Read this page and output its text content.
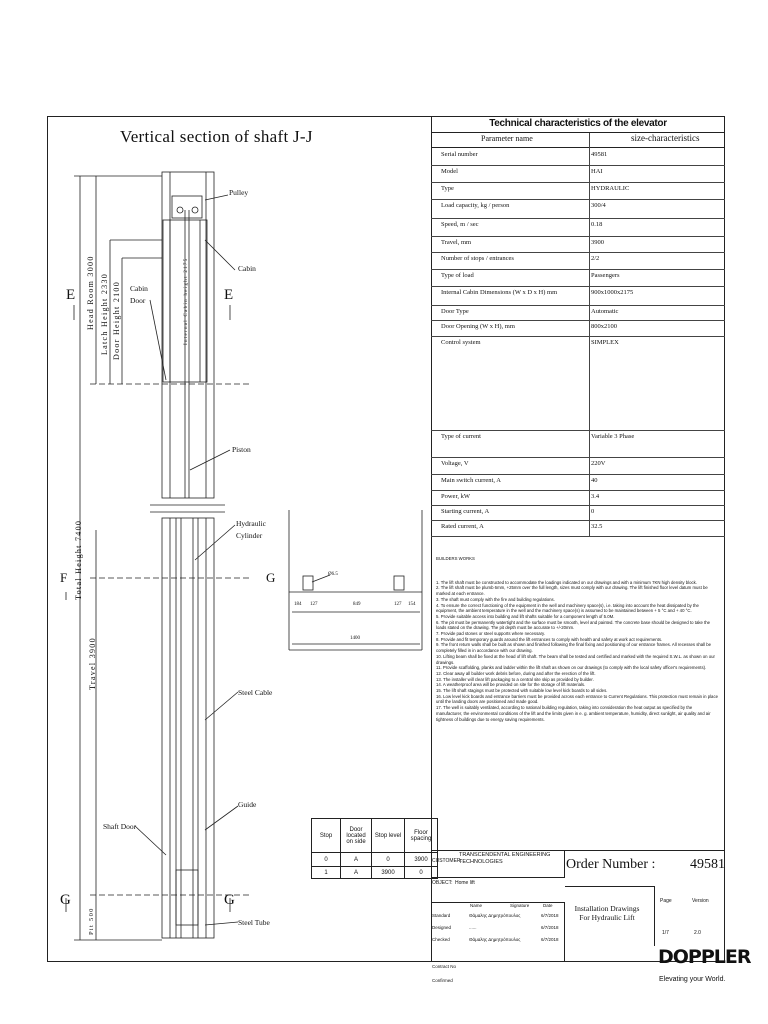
Vertical section of shaft J-J
Pulley
Cabin
Cabin
Door
Piston
Hydraulic
Cylinder
Steel Cable
Guide
Shaft Door
Steel Tube
E	E
G	G
F	G
Head Room 3000 Latch Height 2330 Door Height 2100
Total Height 7400
Travel 3900
Pit 500
Internal Cabin height 2175
184 127	849	127 154
1400
Ø6.5
Stop	Door located on side	Stop level	Floor spacing
0	A	0	3900
1	A	3900	0
Technical characteristics of the elevator
Parameter name	size-characteristics
Serial number	49581
Model	HAI
Type	HYDRAULIC
Load capacity, kg / person	300/4
Speed, m / sec	0.18
Travel, mm	3900
Number of stops / entrances	2/2
Type of load	Passengers
Internal Cabin Dimensions (W x D x H) mm	900x1000x2175
Door Type	Automatic
Door Opening (W x H), mm	800x2100
Control system	SIMPLEX
Type of current	Variable 3 Phase
Voltage, V	220V
Main switch current, A	40
Power, kW	3.4
Starting current, A	0
Rated current, A	32.5

BUILDERS WORKS

1. The lift shaft must be constructed to accommodate the loadings indicated on our drawings and with a minimum 7KN high density block.

2. The lift shaft must be plumb 6mm, +25mm over the full length, sizes must comply with our drawing. The lift finished floor level datum must be marked at each entrance.

3. The shaft must comply with the fire and building regulations.

4. To ensure the correct functioning of the equipment in the well and machinery space(s), i.e. taking into account the heat dissipated by the equipment, the ambient temperature in the well and the machinery space(s) is assumed to be maintained between + 5 °C and + 40 °C.

5. Provide suitable access into building and lift shafts suitable for a component length of 5.0M.

6. The pit must be permanently watertight and the surface must be smooth, level and painted. The concrete base should be designed to take the loads stated on the drawing. The pit depth must be accurate to +/-20mm.

7. Provide pad stones or steel supports where necessary.

8. Provide and fit temporary guards around the lift entrances to comply with health and safety at work act requirements.

9. The front return walls shall be built as shown and finished following the final fixing and positioning of our entrance frames. All recesses shall be completely filled in in accordance with our drawing.

10. Lifting beam shall be fixed at the head of lift shaft. The beam shall be tested and certified and marked with the required S.W.L. as shown on our drawings.

11. Provide scaffolding, planks and ladder within the lift shaft as shown on our drawings (to comply with the local safety officer's requirements).

12. Clear away all builder work debris before, during and after the erection of the lift.

13. The installer will clear lift packaging to a central site skip as provided by builder.

14. A weatherproof area will be provided on site for the storage of lift materials.

15. The lift shaft stagings must be protected with suitable low level kick boards to all sides.

16. Low level kick boards and entrance barriers must be provided across each entrance to Current Regulations. This protection must remain in place until the landing doors are positioned and made good.

17. The well is suitably ventilated, according to national building regulation, taking into consideration the heat output as specified by the manufacturer, the environmental conditions of the lift and the limits given in e. g. ambient temperature, humidity, direct sunlight, air quality and air tightness of buildings due to energy saving requirements.

CUSTOMER:
TRANSCENDENTAL ENGINEERING TECHNOLOGIES
OBJECT: Home lift
Order Number : 49581
Name	Signature	Date
Standard	Θάμαλης Δημητρόπουλος	6/7/2018
Designed	......	6/7/2018
Checked	Θάμαλης Δημητρόπουλος	6/7/2018
Contract No
Confirmed
Installation Drawings For Hydraulic Lift
Page	Version
1/7	2.0
DOPPLER
Elevating your World.
